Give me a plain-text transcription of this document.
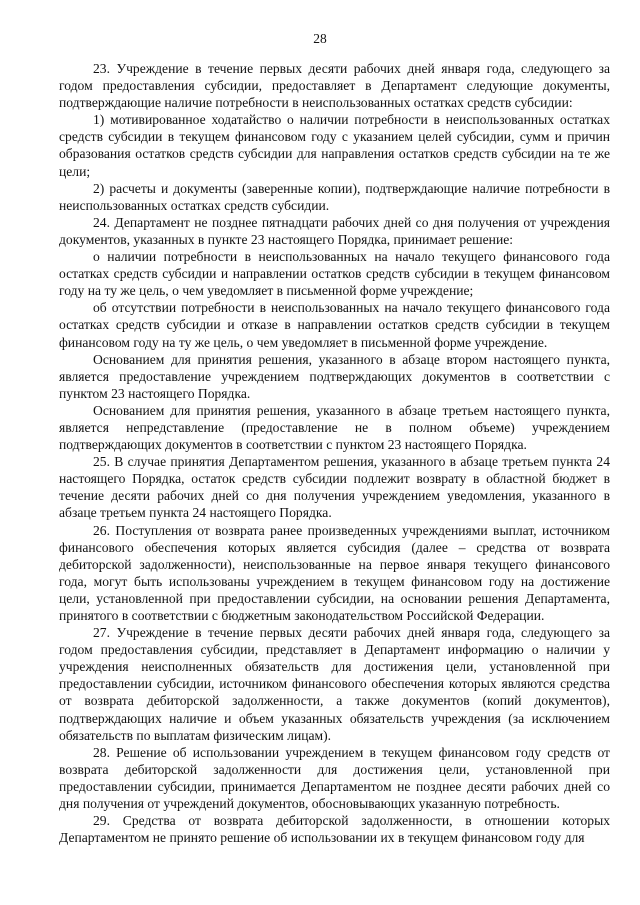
28

23. Учреждение в течение первых десяти рабочих дней января года, следующего за годом предоставления субсидии, предоставляет в Департамент следующие документы, подтверждающие наличие потребности в неиспользованных остатках средств субсидии:

1) мотивированное ходатайство о наличии потребности в неиспользованных остатках средств субсидии в текущем финансовом году с указанием целей субсидии, сумм и причин образования остатков средств субсидии для направления остатков средств субсидии на те же цели;

2) расчеты и документы (заверенные копии), подтверждающие наличие потребности в неиспользованных остатках средств субсидии.

24. Департамент не позднее пятнадцати рабочих дней со дня получения от учреждения документов, указанных в пункте 23 настоящего Порядка, принимает решение:

о наличии потребности в неиспользованных на начало текущего финансового года остатках средств субсидии и направлении остатков средств субсидии в текущем финансовом году на ту же цель, о чем уведомляет в письменной форме учреждение;

об отсутствии потребности в неиспользованных на начало текущего финансового года остатках средств субсидии и отказе в направлении остатков средств субсидии в текущем финансовом году на ту же цель, о чем уведомляет в письменной форме учреждение.

Основанием для принятия решения, указанного в абзаце втором настоящего пункта, является предоставление учреждением подтверждающих документов в соответствии с пунктом 23 настоящего Порядка.

Основанием для принятия решения, указанного в абзаце третьем настоящего пункта, является непредставление (предоставление не в полном объеме) учреждением подтверждающих документов в соответствии с пунктом 23 настоящего Порядка.

25. В случае принятия Департаментом решения, указанного в абзаце третьем пункта 24 настоящего Порядка, остаток средств субсидии подлежит возврату в областной бюджет в течение десяти рабочих дней со дня получения учреждением уведомления, указанного в абзаце третьем пункта 24 настоящего Порядка.

26. Поступления от возврата ранее произведенных учреждениями выплат, источником финансового обеспечения которых является субсидия (далее – средства от возврата дебиторской задолженности), неиспользованные на первое января текущего финансового года, могут быть использованы учреждением в текущем финансовом году на достижение цели, установленной при предоставлении субсидии, на основании решения Департамента, принятого в соответствии с бюджетным законодательством Российской Федерации.

27. Учреждение в течение первых десяти рабочих дней января года, следующего за годом предоставления субсидии, представляет в Департамент информацию о наличии у учреждения неисполненных обязательств для достижения цели, установленной при предоставлении субсидии, источником финансового обеспечения которых являются средства от возврата дебиторской задолженности, а также документов (копий документов), подтверждающих наличие и объем указанных обязательств учреждения (за исключением обязательств по выплатам физическим лицам).

28. Решение об использовании учреждением в текущем финансовом году средств от возврата дебиторской задолженности для достижения цели, установленной при предоставлении субсидии, принимается Департаментом не позднее десяти рабочих дней со дня получения от учреждений документов, обосновывающих указанную потребность.

29. Средства от возврата дебиторской задолженности, в отношении которых Департаментом не принято решение об использовании их в текущем финансовом году для
